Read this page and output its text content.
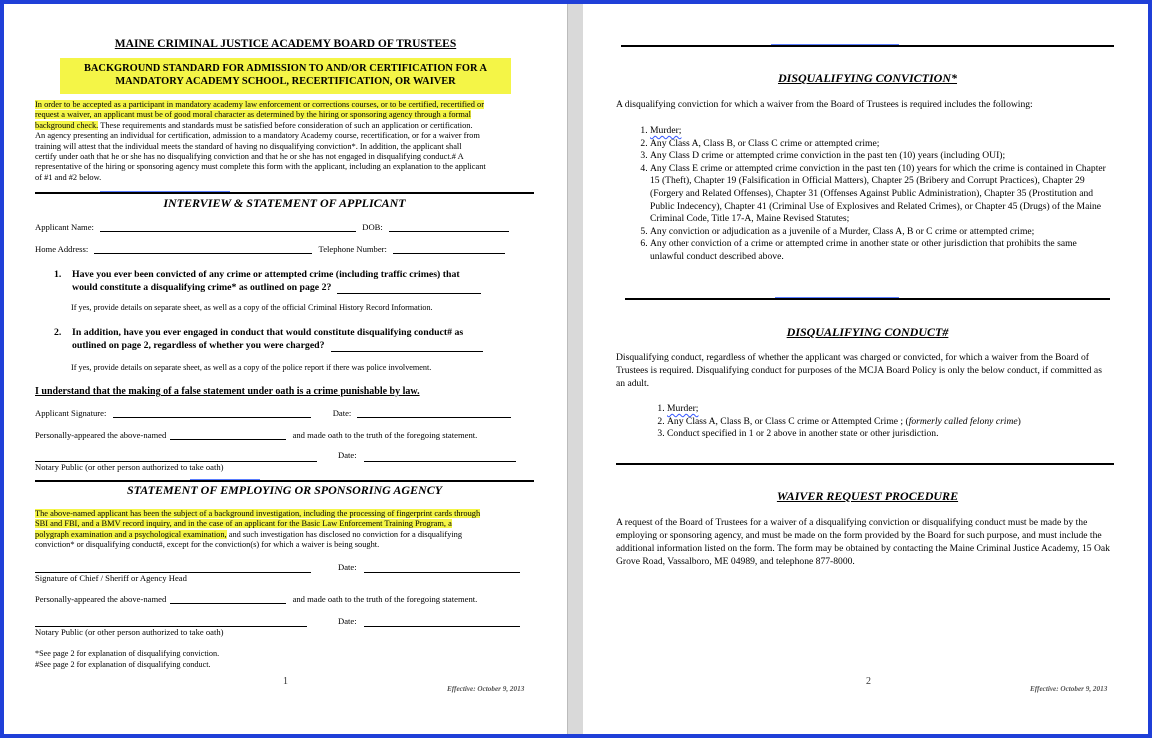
MAINE CRIMINAL JUSTICE ACADEMY BOARD OF TRUSTEES
BACKGROUND STANDARD FOR ADMISSION TO AND/OR CERTIFICATION FOR A
MANDATORY ACADEMY SCHOOL, RECERTIFICATION, OR WAIVER
In order to be accepted as a participant in mandatory academy law enforcement or corrections courses, or to be certified, recertified or
request a waiver, an applicant must be of good moral character as determined by the hiring or sponsoring agency through a formal
background check. These requirements and standards must be satisfied before consideration of such an application or certification.
An agency presenting an individual for certification, admission to a mandatory Academy course, recertification, or for a waiver from
training will attest that the individual meets the standard of having no disqualifying conviction*. In addition, the applicant shall
certify under oath that he or she has no disqualifying conviction and that he or she has not engaged in disqualifying conduct.# A
representative of the hiring or sponsoring agency must complete this form with the applicant, including an explanation to the applicant
of #1 and #2 below.
INTERVIEW & STATEMENT OF APPLICANT
Applicant Name:	DOB:
Home Address:	Telephone Number:
1. Have you ever been convicted of any crime or attempted crime (including traffic crimes) that
would constitute a disqualifying crime* as outlined on page 2?
If yes, provide details on separate sheet, as well as a copy of the official Criminal History Record Information.
2. In addition, have you ever engaged in conduct that would constitute disqualifying conduct# as
outlined on page 2, regardless of whether you were charged?
If yes, provide details on separate sheet, as well as a copy of the police report if there was police involvement.
I understand that the making of a false statement under oath is a crime punishable by law.
Applicant Signature:	Date:
Personally-appeared the above-named	and made oath to the truth of the foregoing statement.
Date:
Notary Public (or other person authorized to take oath)
STATEMENT OF EMPLOYING OR SPONSORING AGENCY
The above-named applicant has been the subject of a background investigation, including the processing of fingerprint cards through
SBI and FBI, and a BMV record inquiry, and in the case of an applicant for the Basic Law Enforcement Training Program, a
polygraph examination and a psychological examination, and such investigation has disclosed no conviction for a disqualifying
conviction* or disqualifying conduct#, except for the conviction(s) for which a waiver is being sought.
Date:
Signature of Chief / Sheriff or Agency Head
Personally-appeared the above-named	and made oath to the truth of the foregoing statement.
Date:
Notary Public (or other person authorized to take oath)
*See page 2 for explanation of disqualifying conviction.
#See page 2 for explanation of disqualifying conduct.
1
Effective: October 9, 2013
DISQUALIFYING CONVICTION*
A disqualifying conviction for which a waiver from the Board of Trustees is required includes the following:
1. Murder;
2. Any Class A, Class B, or Class C crime or attempted crime;
3. Any Class D crime or attempted crime conviction in the past ten (10) years (including OUI);
4. Any Class E crime or attempted crime conviction in the past ten (10) years for which the crime is contained in Chapter 15 (Theft), Chapter 19 (Falsification in Official Matters), Chapter 25 (Bribery and Corrupt Practices), Chapter 29 (Forgery and Related Offenses), Chapter 31 (Offenses Against Public Administration), Chapter 35 (Prostitution and Public Indecency), Chapter 41 (Criminal Use of Explosives and Related Crimes), or Chapter 45 (Drugs) of the Maine Criminal Code, Title 17-A, Maine Revised Statutes;
5. Any conviction or adjudication as a juvenile of a Murder, Class A, B or C crime or attempted crime;
6. Any other conviction of a crime or attempted crime in another state or other jurisdiction that prohibits the same unlawful conduct described above.
DISQUALIFYING CONDUCT#
Disqualifying conduct, regardless of whether the applicant was charged or convicted, for which a waiver from the Board of Trustees is required. Disqualifying conduct for purposes of the MCJA Board Policy is only the below conduct, if committed as an adult.
1. Murder;
2. Any Class A, Class B, or Class C crime or Attempted Crime ; (formerly called felony crime)
3. Conduct specified in 1 or 2 above in another state or other jurisdiction.
WAIVER REQUEST PROCEDURE
A request of the Board of Trustees for a waiver of a disqualifying conviction or disqualifying conduct must be made by the employing or sponsoring agency, and must be made on the form provided by the Board for such purpose, and must include the additional information listed on the form. The form may be obtained by contacting the Maine Criminal Justice Academy, 15 Oak Grove Road, Vassalboro, ME 04989, and telephone 877-8000.
2
Effective: October 9, 2013
